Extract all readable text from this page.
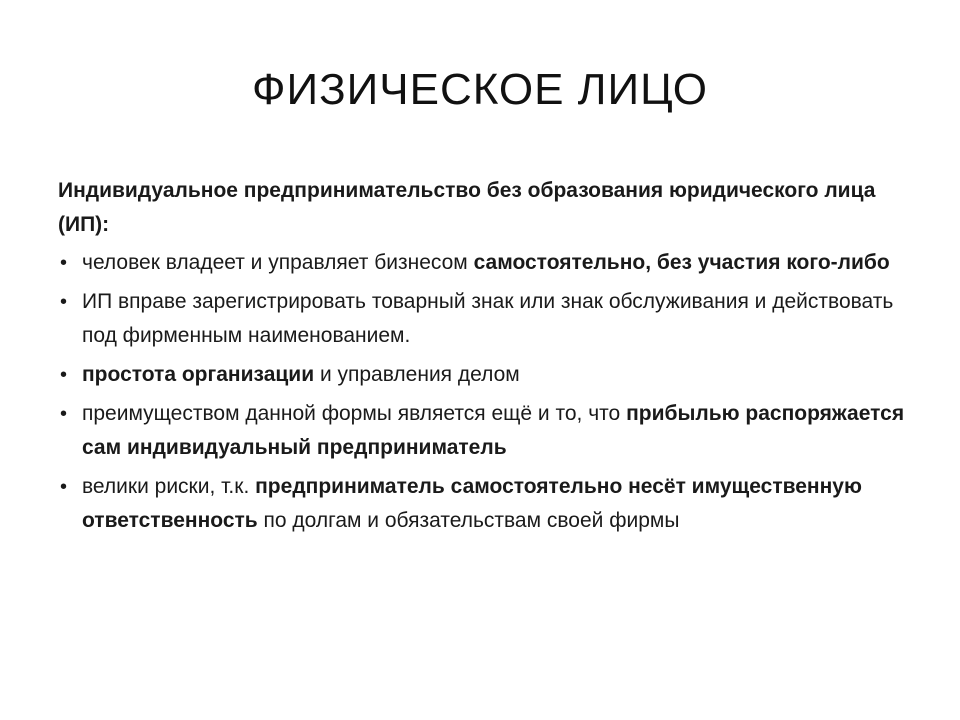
ФИЗИЧЕСКОЕ ЛИЦО
Индивидуальное предпринимательство без образования юридического лица (ИП):
• человек владеет и управляет бизнесом самостоятельно, без участия кого-либо
• ИП вправе зарегистрировать товарный знак или знак обслуживания и действовать под фирменным наименованием.
• простота организации и управления делом
• преимуществом данной формы является ещё и то, что прибылью распоряжается сам индивидуальный предприниматель
• велики риски, т.к. предприниматель самостоятельно несёт имущественную ответственность по долгам и обязательствам своей фирмы
